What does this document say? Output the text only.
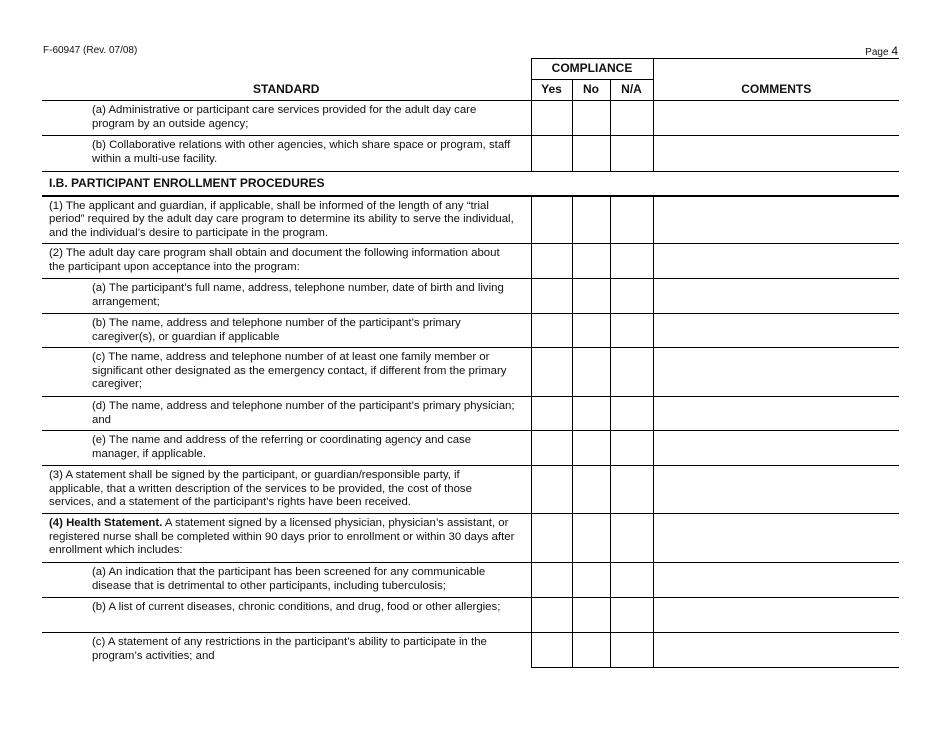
F-60947 (Rev. 07/08)	Page 4
	COMPLIANCE			
STANDARD	Yes	No	N/A	COMMENTS
(a) Administrative or participant care services provided for the adult day care program by an outside agency;				
(b) Collaborative relations with other agencies, which share space or program, staff within a multi-use facility.				
I.B. PARTICIPANT ENROLLMENT PROCEDURES				
(1) The applicant and guardian, if applicable, shall be informed of the length of any “trial period” required by the adult day care program to determine its ability to serve the individual, and the individual’s desire to participate in the program.				
(2) The adult day care program shall obtain and document the following information about the participant upon acceptance into the program:				
(a) The participant’s full name, address, telephone number, date of birth and living arrangement;				
(b) The name, address and telephone number of the participant’s primary caregiver(s), or guardian if applicable				
(c) The name, address and telephone number of at least one family member or significant other designated as the emergency contact, if different from the primary caregiver;				
(d) The name, address and telephone number of the participant’s primary physician; and				
(e) The name and address of the referring or coordinating agency and case manager, if applicable.				
(3) A statement shall be signed by the participant, or guardian/responsible party, if applicable, that a written description of the services to be provided, the cost of those services, and a statement of the participant’s rights have been received.				
(4) Health Statement. A statement signed by a licensed physician, physician’s assistant, or registered nurse shall be completed within 90 days prior to enrollment or within 30 days after enrollment which includes:				
(a) An indication that the participant has been screened for any communicable disease that is detrimental to other participants, including tuberculosis;				
(b) A list of current diseases, chronic conditions, and drug, food or other allergies;				
(c) A statement of any restrictions in the participant’s ability to participate in the program’s activities; and				
